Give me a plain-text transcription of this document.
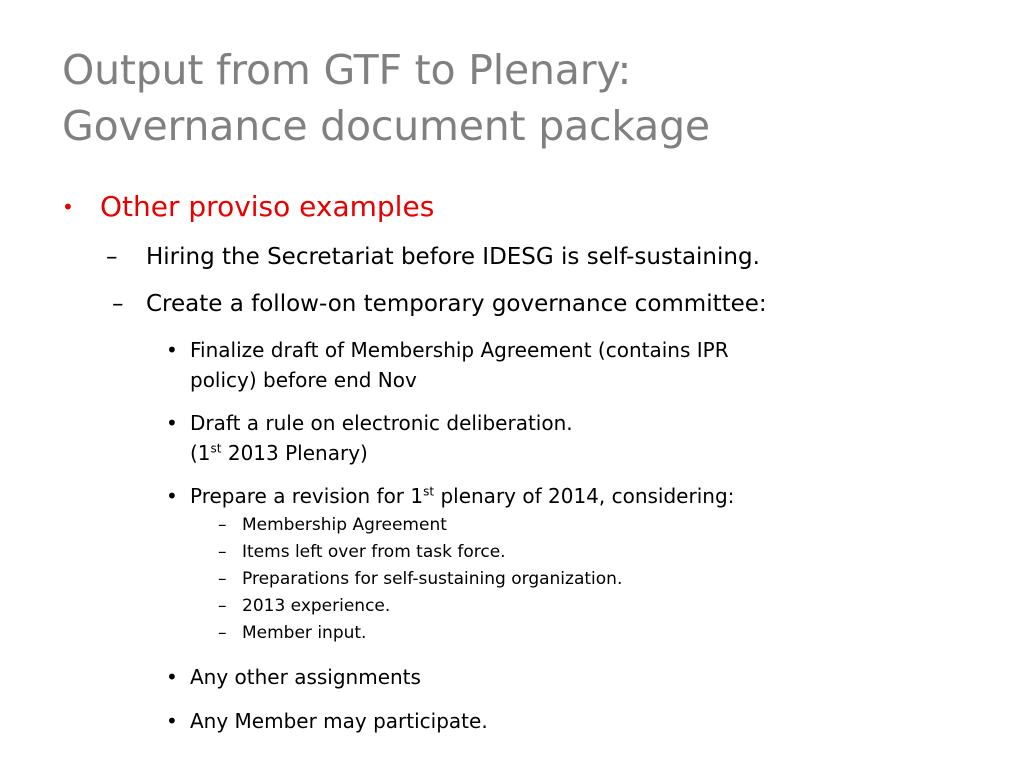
Output from GTF to Plenary:
Governance document package
• Other proviso examples
– Hiring the Secretariat before IDESG is self-sustaining.
– Create a follow-on temporary governance committee:
• Finalize draft of Membership Agreement (contains IPR
policy) before end Nov
• Draft a rule on electronic deliberation.
(1st 2013 Plenary)
• Prepare a revision for 1st plenary of 2014, considering:
– Membership Agreement
– Items left over from task force.
– Preparations for self-sustaining organization.
– 2013 experience.
– Member input.
• Any other assignments
• Any Member may participate.
